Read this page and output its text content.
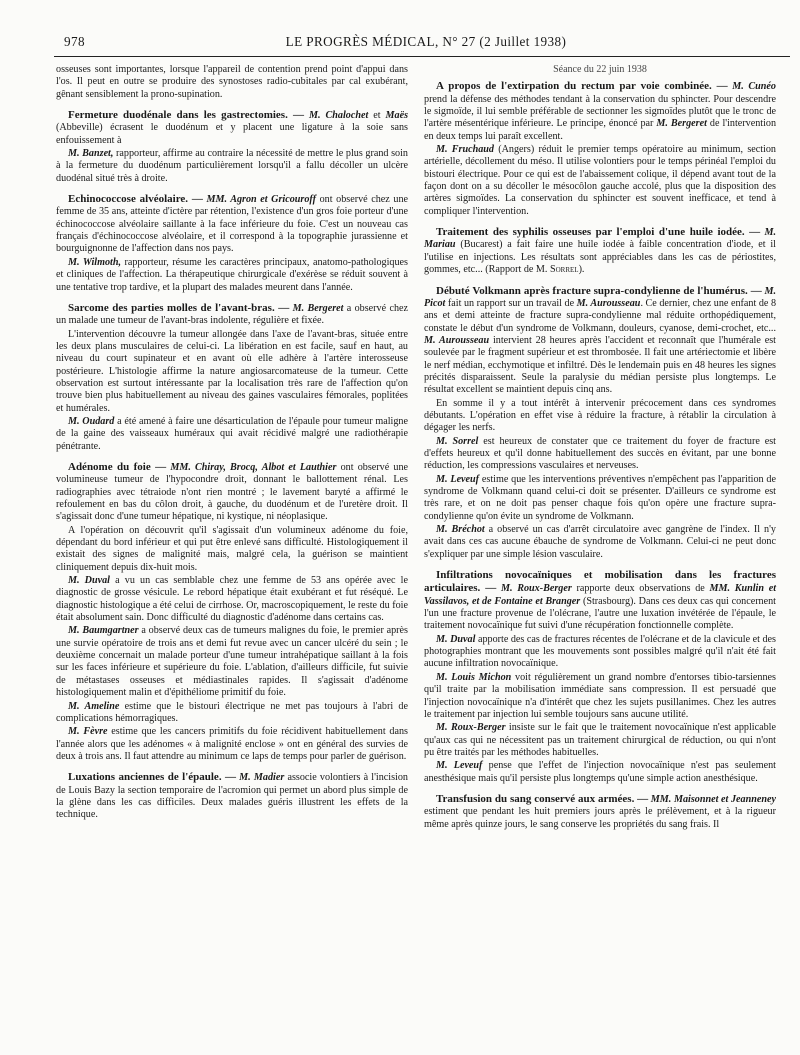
978	LE PROGRÈS MÉDICAL, N° 27 (2 Juillet 1938)

osseuses sont importantes, lorsque l'appareil de contention prend point d'appui dans l'os. Il peut en outre se produire des synostoses radio-cubitales par cal exubérant, gênant sensiblement la prono-supination.

Fermeture duodénale dans les gastrectomies. — M. Chalochet et Maës (Abbeville) écrasent le duodénum et y placent une ligature à la soie sans enfouissement à

M. Banzet, rapporteur, affirme au contraire la nécessité de mettre le plus grand soin à la fermeture du duodénum particulièrement lorsqu'il a fallu décoller un ulcère duodénal situé très à droite.

Echinococcose alvéolaire. — MM. Agron et Gricouroff ont observé chez une femme de 35 ans, atteinte d'ictère par rétention, l'existence d'un gros foie porteur d'une échinococcose alvéolaire saillante à la face inférieure du foie. C'est un nouveau cas français d'échinococcose alvéolaire, et il correspond à la topographie jurassienne et bourguignonne de l'affection dans nos pays.

M. Wilmoth, rapporteur, résume les caractères principaux, anatomo-pathologiques et cliniques de l'affection. La thérapeutique chirurgicale d'exérèse se réduit souvent à une tentative trop tardive, et la plupart des malades meurent dans l'année.

Sarcome des parties molles de l'avant-bras. — M. Bergeret a observé chez un malade une tumeur de l'avant-bras indolente, régulière et fixée.

L'intervention découvre la tumeur allongée dans l'axe de l'avant-bras, située entre les deux plans musculaires de celui-ci. La libération en est facile, sauf en haut, au niveau du court supinateur et en avant où elle adhère à l'artère interosseuse postérieure. L'histologie affirme la nature angiosarcomateuse de la tumeur. Cette observation est surtout intéressante par la localisation très rare de l'affection qu'on trouve bien plus habituellement au niveau des gaines vasculaires fémorales, poplitées et humérales.

M. Oudard a été amené à faire une désarticulation de l'épaule pour tumeur maligne de la gaine des vaisseaux huméraux qui avait récidivé malgré une radiothérapie pénétrante.

Adénome du foie — MM. Chiray, Brocq, Albot et Lauthier ont observé une volumineuse tumeur de l'hypocondre droit, donnant le ballottement rénal. Les radiographies avec tétraiode n'ont rien montré ; le lavement baryté a affirmé le refoulement en bas du côlon droit, à gauche, du duodénum et de l'uretère droit. Il s'agissait donc d'une tumeur hépatique, ni kystique, ni néoplasique.

A l'opération on découvrit qu'il s'agissait d'un volumineux adénome du foie, dépendant du bord inférieur et qui put être enlevé sans difficulté. Histologiquement il existait des signes de malignité mais, malgré cela, la guérison se maintient cliniquement depuis dix-huit mois.

M. Duval a vu un cas semblable chez une femme de 53 ans opérée avec le diagnostic de grosse vésicule. Le rebord hépatique était exubérant et fut réséqué. Le diagnostic histologique a été celui de cirrhose. Or, macroscopiquement, le reste du foie était absolument sain. Donc difficulté du diagnostic d'adénome dans certains cas.

M. Baumgartner a observé deux cas de tumeurs malignes du foie, le premier après une survie opératoire de trois ans et demi fut revue avec un cancer ulcéré du sein ; le deuxième concernait un malade porteur d'une tumeur intrahépatique saillant à la fois sur les faces inférieure et supérieure du foie. L'ablation, d'ailleurs difficile, fut suivie de métastases osseuses et médiastinales rapides. Il s'agissait d'adénome histologiquement malin et d'épithéliome primitif du foie.

M. Ameline estime que le bistouri électrique ne met pas toujours à l'abri de complications hémorragiques.

M. Fèvre estime que les cancers primitifs du foie récidivent habituellement dans l'année alors que les adénomes « à malignité enclose » ont en général des survies de deux à trois ans. Il faut attendre au minimum ce laps de temps pour parler de guérison.

Luxations anciennes de l'épaule. — M. Madier associe volontiers à l'incision de Louis Bazy la section temporaire de l'acromion qui permet un abord plus simple de la glène dans les cas difficiles. Deux malades guéris illustrent les effets de la technique.

Séance du 22 juin 1938

A propos de l'extirpation du rectum par voie combinée. — M. Cunéo prend la défense des méthodes tendant à la conservation du sphincter. Pour descendre le sigmoïde, il lui semble préférable de sectionner les sigmoïdes plutôt que le tronc de l'artère mésentérique inférieure. Le principe, énoncé par M. Bergeret de l'intervention en deux temps lui paraît excellent.

M. Fruchaud (Angers) réduit le premier temps opératoire au minimum, section artérielle, décollement du méso. Il utilise volontiers pour le temps périnéal l'emploi du bistouri électrique. Pour ce qui est de l'abaissement colique, il dépend avant tout de la façon dont on a su décoller le mésocôlon gauche accolé, plus que la disposition des artères sigmoïdes. La conservation du sphincter est souvent inefficace, et tend à compliquer l'intervention.

Traitement des syphilis osseuses par l'emploi d'une huile iodée. — M. Mariau (Bucarest) a fait faire une huile iodée à faible concentration d'iode, et il l'utilise en injections. Les résultats sont appréciables dans les cas de périostites, gommes, etc... (Rapport de M. Sorrel).

Débuté Volkmann après fracture supra-condylienne de l'humérus. — M. Picot fait un rapport sur un travail de M. Aurousseau. Ce dernier, chez une enfant de 8 ans et demi atteinte de fracture supra-condylienne mal réduite orthopédiquement, constate le début d'un syndrome de Volkmann, douleurs, cyanose, demi-crochet, etc... M. Aurousseau intervient 28 heures après l'accident et reconnaît que l'humérale est soulevée par le fragment supérieur et est thrombosée. Il fait une artériectomie et libère le nerf médian, ecchymotique et infiltré. Dès le lendemain puis en 48 heures les signes précités disparaissent. Seule la paralysie du médian persiste plus longtemps. Le résultat excellent se maintient depuis cinq ans.

En somme il y a tout intérêt à intervenir précocement dans ces syndromes débutants. L'opération en effet vise à réduire la fracture, à rétablir la circulation à dégager les nerfs.

M. Sorrel est heureux de constater que ce traitement du foyer de fracture est d'effets heureux et qu'il donne habituellement des succès en évitant, par une bonne réduction, les compressions vasculaires et nerveuses.

M. Leveuf estime que les interventions préventives n'empêchent pas l'apparition de syndrome de Volkmann quand celui-ci doit se présenter. D'ailleurs ce syndrome est très rare, et on ne doit pas penser chaque fois qu'on opère une fracture supra-condylienne qu'on évite un syndrome de Volkmann.

M. Bréchot a observé un cas d'arrêt circulatoire avec gangrène de l'index. Il n'y avait dans ces cas aucune ébauche de syndrome de Volkmann. Celui-ci ne peut donc s'expliquer par une simple lésion vasculaire.

Infiltrations novocaïniques et mobilisation dans les fractures articulaires. — M. Roux-Berger rapporte deux observations de MM. Kunlin et Vassilavos, et de Fontaine et Branger (Strasbourg). Dans ces deux cas qui concernent l'un une fracture provenue de l'olécrane, l'autre une luxation invétérée de l'épaule, le traitement novocaïnique fut suivi d'une récupération fonctionnelle complète.

M. Duval apporte des cas de fractures récentes de l'olécrane et de la clavicule et des photographies montrant que les mouvements sont possibles malgré qu'il n'ait été fait aucune infiltration novocaïnique.

M. Louis Michon voit régulièrement un grand nombre d'entorses tibio-tarsiennes qu'il traite par la mobilisation immédiate sans compression. Il est persuadé que l'injection novocaïnique n'a d'intérêt que chez les sujets pusillanimes. Chez les autres le traitement par injection lui semble toujours sans aucune utilité.

M. Roux-Berger insiste sur le fait que le traitement novocaïnique n'est applicable qu'aux cas qui ne nécessitent pas un traitement chirurgical de réduction, ou qui n'ont pu être traités par les méthodes habituelles.

M. Leveuf pense que l'effet de l'injection novocaïnique n'est pas seulement anesthésique mais qu'il persiste plus longtemps qu'une simple action anesthésique.

Transfusion du sang conservé aux armées. — MM. Maisonnet et Jeanneney estiment que pendant les huit premiers jours après le prélèvement, et à la rigueur même après quinze jours, le sang conserve les propriétés du sang frais. Il
